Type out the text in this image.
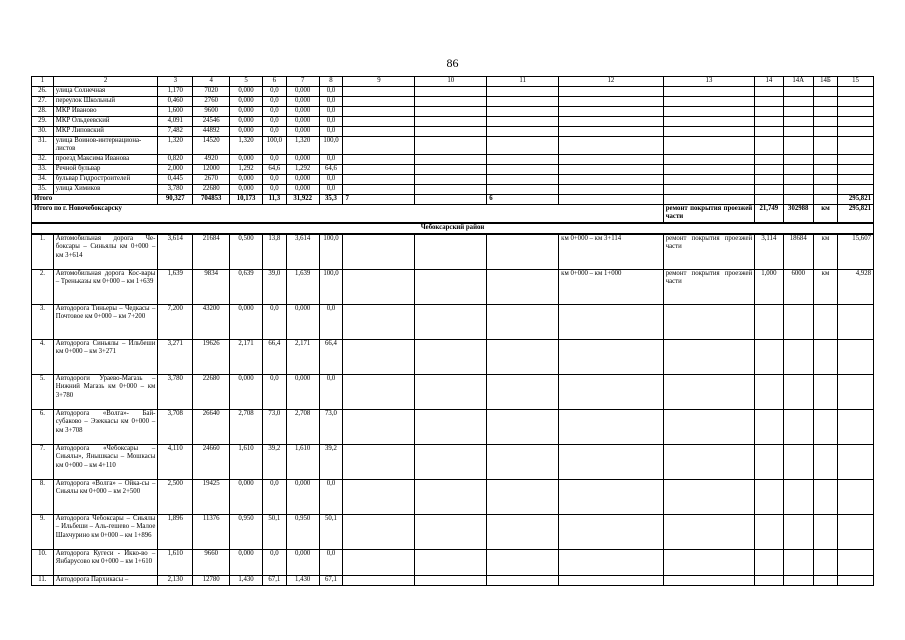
86
1	2	3	4	5	6	7	8	9	10	11	12	13	14	14А	14Б	15
26.	улица Солнечная	1,170	7020	0,000	0,0	0,000	0,0									
27.	переулок Школьный	0,460	2760	0,000	0,0	0,000	0,0									
28.	МКР Иваново	1,600	9600	0,000	0,0	0,000	0,0									
29.	МКР Ольдеевский	4,091	24546	0,000	0,0	0,000	0,0									
30.	МКР Липовский	7,482	44892	0,000	0,0	0,000	0,0									
31.	улица Воинов-интернациона-листов	1,320	14520	1,320	100,0	1,320	100,0									
32.	проезд Максима Иванова	0,820	4920	0,000	0,0	0,000	0,0									
33.	Речной бульвар	2,000	12000	1,292	64,6	1,292	64,6									
34.	бульвар Гидростроителей	0,445	2670	0,000	0,0	0,000	0,0									
35.	улица Химиков	3,780	22680	0,000	0,0	0,000	0,0									
Итого		90,327	704853	10,173	11,3	31,922	35,3	7		6						295,821
Итого по г. Новочебоксарску												ремонт покрытия проезжей части	21,749	302988	км	295,821
Чебоксарский район																
1.	Автомобильная дорога Че-боксары – Синьялы км 0+000 – км 3+614	3,614	21684	0,500	13,8	3,614	100,0				км 0+000 – км 3+114	ремонт покрытия проезжей части	3,114	18684	км	15,607
2.	Автомобильная дорога Кос-вары – Треньказы км 0+000 – км 1+639	1,639	9834	0,639	39,0	1,639	100,0				км 0+000 – км 1+000	ремонт покрытия проезжей части	1,000	6000	км	4,928
3.	Автодорога Тиньеры – Чедкасы – Почтовое км 0+000 – км 7+200	7,200	43200	0,000	0,0	0,000	0,0									
4.	Автодорога Синьялы – Ильбеши км 0+000 – км 3+271	3,271	19626	2,171	66,4	2,171	66,4									
5.	Автодороги Ураево-Магазь – Нижний Магазь км 0+000 – км 3+780	3,780	22680	0,000	0,0	0,000	0,0									
6.	Автодорога «Волга»- Бай-субаково – Эзеккасы км 0+000 – км 3+708	3,708	26640	2,708	73,0	2,708	73,0									
7.	Автодорога «Чебоксары – Сиьялы», Янышкасы – Мошкасы км 0+000 – км 4+110	4,110	24660	1,610	39,2	1,610	39,2									
8.	Автодорога «Волга» – Ойка-сы – Сиьялы км 0+000 – км 2+500	2,500	19425	0,000	0,0	0,000	0,0									
9.	Автодорога Чебоксары – Сиьялы – Ильбеши – Аль-гешево – Малое Шахчурино км 0+000 – км 1+896	1,896	11376	0,950	50,1	0,950	50,1									
10.	Автодорога Кугеси - Икко-во – Янбарусово км 0+000 – км 1+610	1,610	9660	0,000	0,0	0,000	0,0									
11.	Автодорога Пархикасы –	2,130	12780	1,430	67,1	1,430	67,1									
